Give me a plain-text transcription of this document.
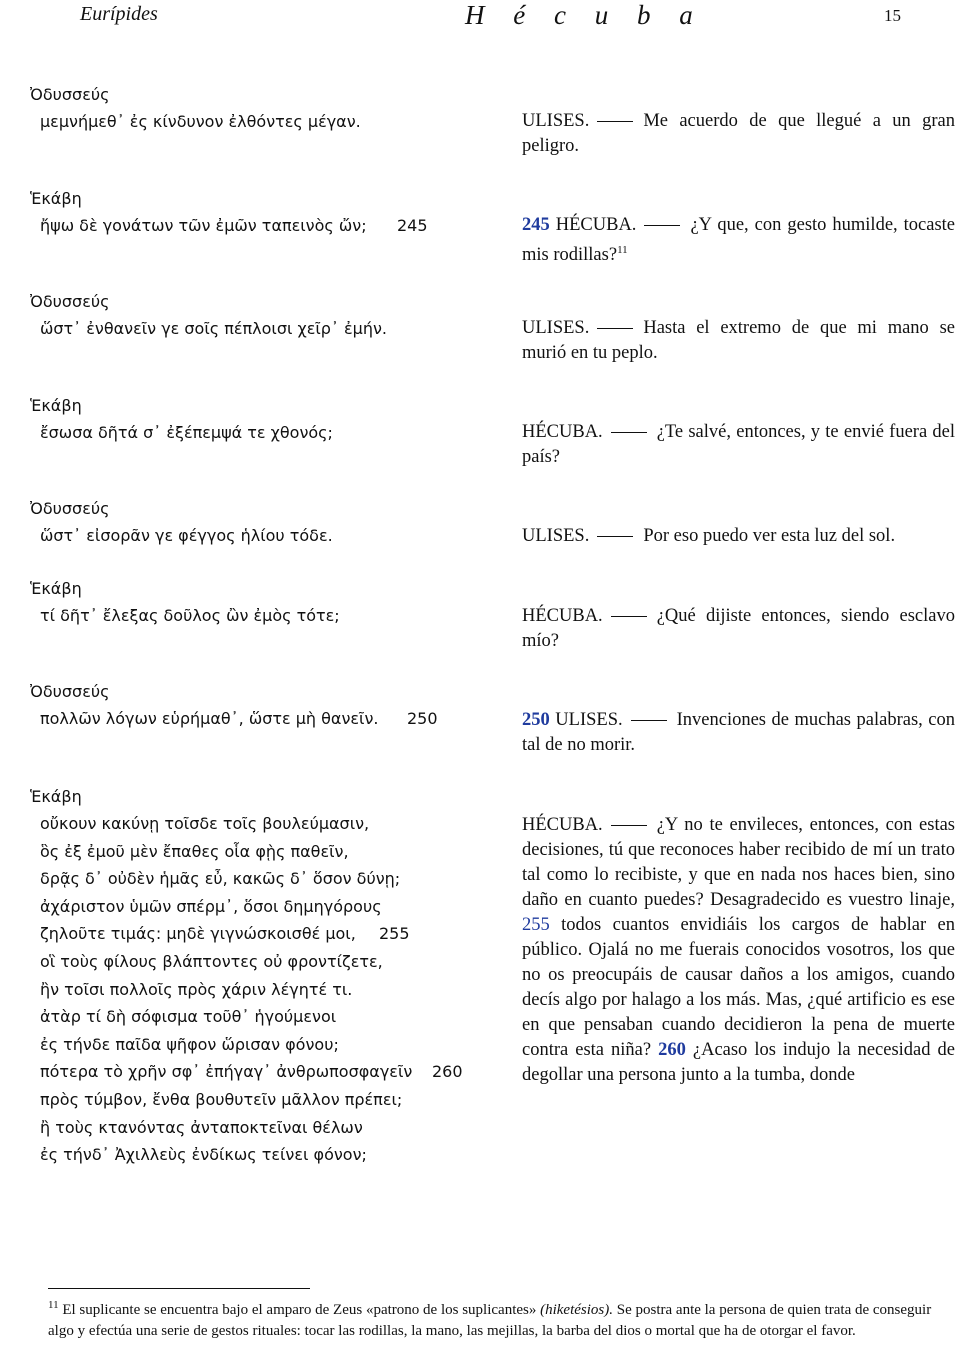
Eurípides	H é c u b a	15
Ὀδυσσεύς
μεμνήμεθ᾽ ἐς κίνδυνον ἐλθόντες μέγαν.
Ἑκάβη
ἤψω δὲ γονάτων τῶν ἐμῶν ταπεινὸς ὤν; 245
Ὀδυσσεύς
ὥστ᾽ ἐνθανεῖν γε σοῖς πέπλοισι χεῖρ᾽ ἐμήν.
Ἑκάβη
ἔσωσα δῆτά σ᾽ ἐξέπεμψά τε χθονός;
Ὀδυσσεύς
ὥστ᾽ εἰσορᾶν γε φέγγος ἡλίου τόδε.
Ἑκάβη
τί δῆτ᾽ ἔλεξας δοῦλος ὢν ἐμὸς τότε;
Ὀδυσσεύς
πολλῶν λόγων εὑρήμαθ᾽, ὥστε μὴ θανεῖν. 250
Ἑκάβη
οὔκουν κακύνῃ τοῖσδε τοῖς βουλεύμασιν,
ὃς ἐξ ἐμοῦ μὲν ἔπαθες οἷα φῂς παθεῖν,
δρᾷς δ᾽ οὐδὲν ἡμᾶς εὖ, κακῶς δ᾽ ὅσον δύνῃ;
ἀχάριστον ὑμῶν σπέρμ᾽, ὅσοι δημηγόρους
ζηλοῦτε τιμάς: μηδὲ γιγνώσκοισθέ μοι, 255
οἳ τοὺς φίλους βλάπτοντες οὐ φροντίζετε,
ἢν τοῖσι πολλοῖς πρὸς χάριν λέγητέ τι.
ἀτὰρ τί δὴ σόφισμα τοῦθ᾽ ἡγούμενοι
ἐς τήνδε παῖδα ψῆφον ὥρισαν φόνου;
πότερα τὸ χρῆν σφ᾽ ἐπήγαγ᾽ ἀνθρωποσφαγεῖν 260
πρὸς τύμβον, ἔνθα βουθυτεῖν μᾶλλον πρέπει;
ἢ τοὺς κτανόντας ἀνταποκτεῖναι θέλων
ἐς τήνδ᾽ Ἀχιλλεὺς ἐνδίκως τείνει φόνον;
ULISES.	Me acuerdo de que llegué a un gran peligro.
245 HÉCUBA.	¿Y que, con gesto humilde, tocaste mis rodillas?$^{11}$
ULISES.	Hasta el extremo de que mi mano se murió en tu peplo.
HÉCUBA.	¿Te salvé, entonces, y te envié fuera del país?
ULISES.	Por eso puedo ver esta luz del sol.
HÉCUBA.	¿Qué dijiste entonces, siendo esclavo mío?
250 ULISES.	Invenciones de muchas palabras, con tal de no morir.
HÉCUBA.	¿Y no te envileces, entonces, con estas decisiones, tú que reconoces haber recibido de mí un trato tal como lo recibiste, y que en nada nos haces bien, sino daño en cuanto puedes? Desagradecido es vuestro linaje, 255 todos cuantos envidiáis los cargos de hablar en público. Ojalá no me fuerais conocidos vosotros, los que no os preocupáis de causar daños a los amigos, cuando decís algo por halago a los más. Mas, ¿qué artificio es ese en que pensaban cuando decidieron la pena de muerte contra esta niña? 260 ¿Acaso los indujo la necesidad de degollar una persona junto a la tumba, donde
$^{11}$ El suplicante se encuentra bajo el amparo de Zeus «patrono de los suplicantes» (hiketésios). Se postra ante la persona de quien trata de conseguir algo y efectúa una serie de gestos rituales: tocar las rodillas, la mano, las mejillas, la barba del dios o mortal que ha de otorgar el favor.
